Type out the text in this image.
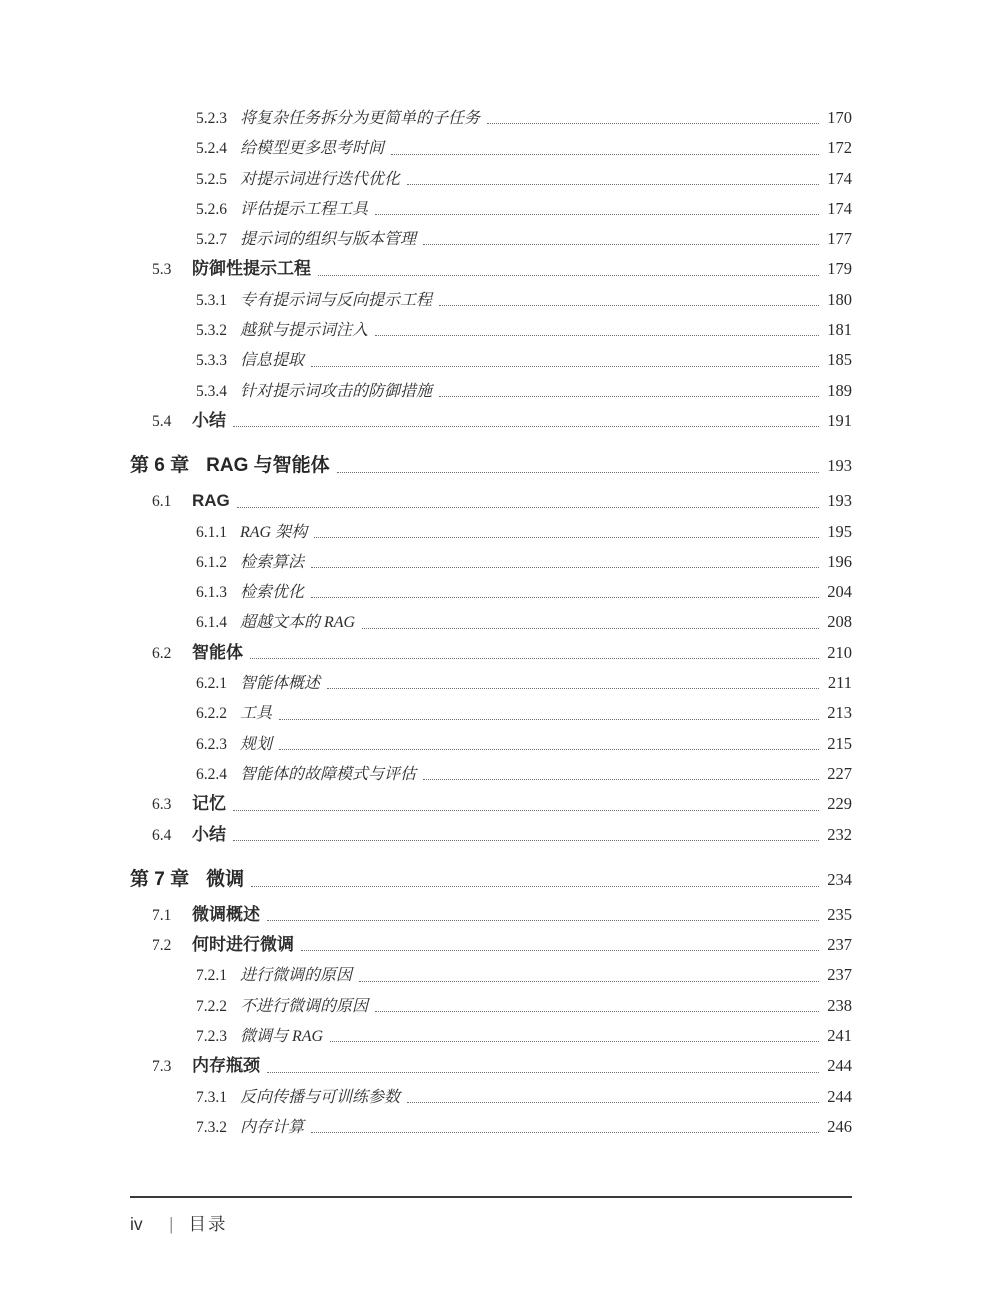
5.2.3 将复杂任务拆分为更简单的子任务	170
5.2.4 给模型更多思考时间	172
5.2.5 对提示词进行迭代优化	174
5.2.6 评估提示工程工具	174
5.2.7 提示词的组织与版本管理	177
5.3	防御性提示工程	179
5.3.1 专有提示词与反向提示工程	180
5.3.2 越狱与提示词注入	181
5.3.3 信息提取	185
5.3.4 针对提示词攻击的防御措施	189
5.4	小结	191
第 6 章 RAG 与智能体	193
6.1	RAG	193
6.1.1 RAG 架构	195
6.1.2 检索算法	196
6.1.3 检索优化	204
6.1.4 超越文本的 RAG	208
6.2	智能体	210
6.2.1 智能体概述	211
6.2.2 工具	213
6.2.3 规划	215
6.2.4 智能体的故障模式与评估	227
6.3	记忆	229
6.4	小结	232
第 7 章 微调	234
7.1	微调概述	235
7.2	何时进行微调	237
7.2.1 进行微调的原因	237
7.2.2 不进行微调的原因	238
7.2.3 微调与 RAG	241
7.3	内存瓶颈	244
7.3.1 反向传播与可训练参数	244
7.3.2 内存计算	246
iv	| 目录
